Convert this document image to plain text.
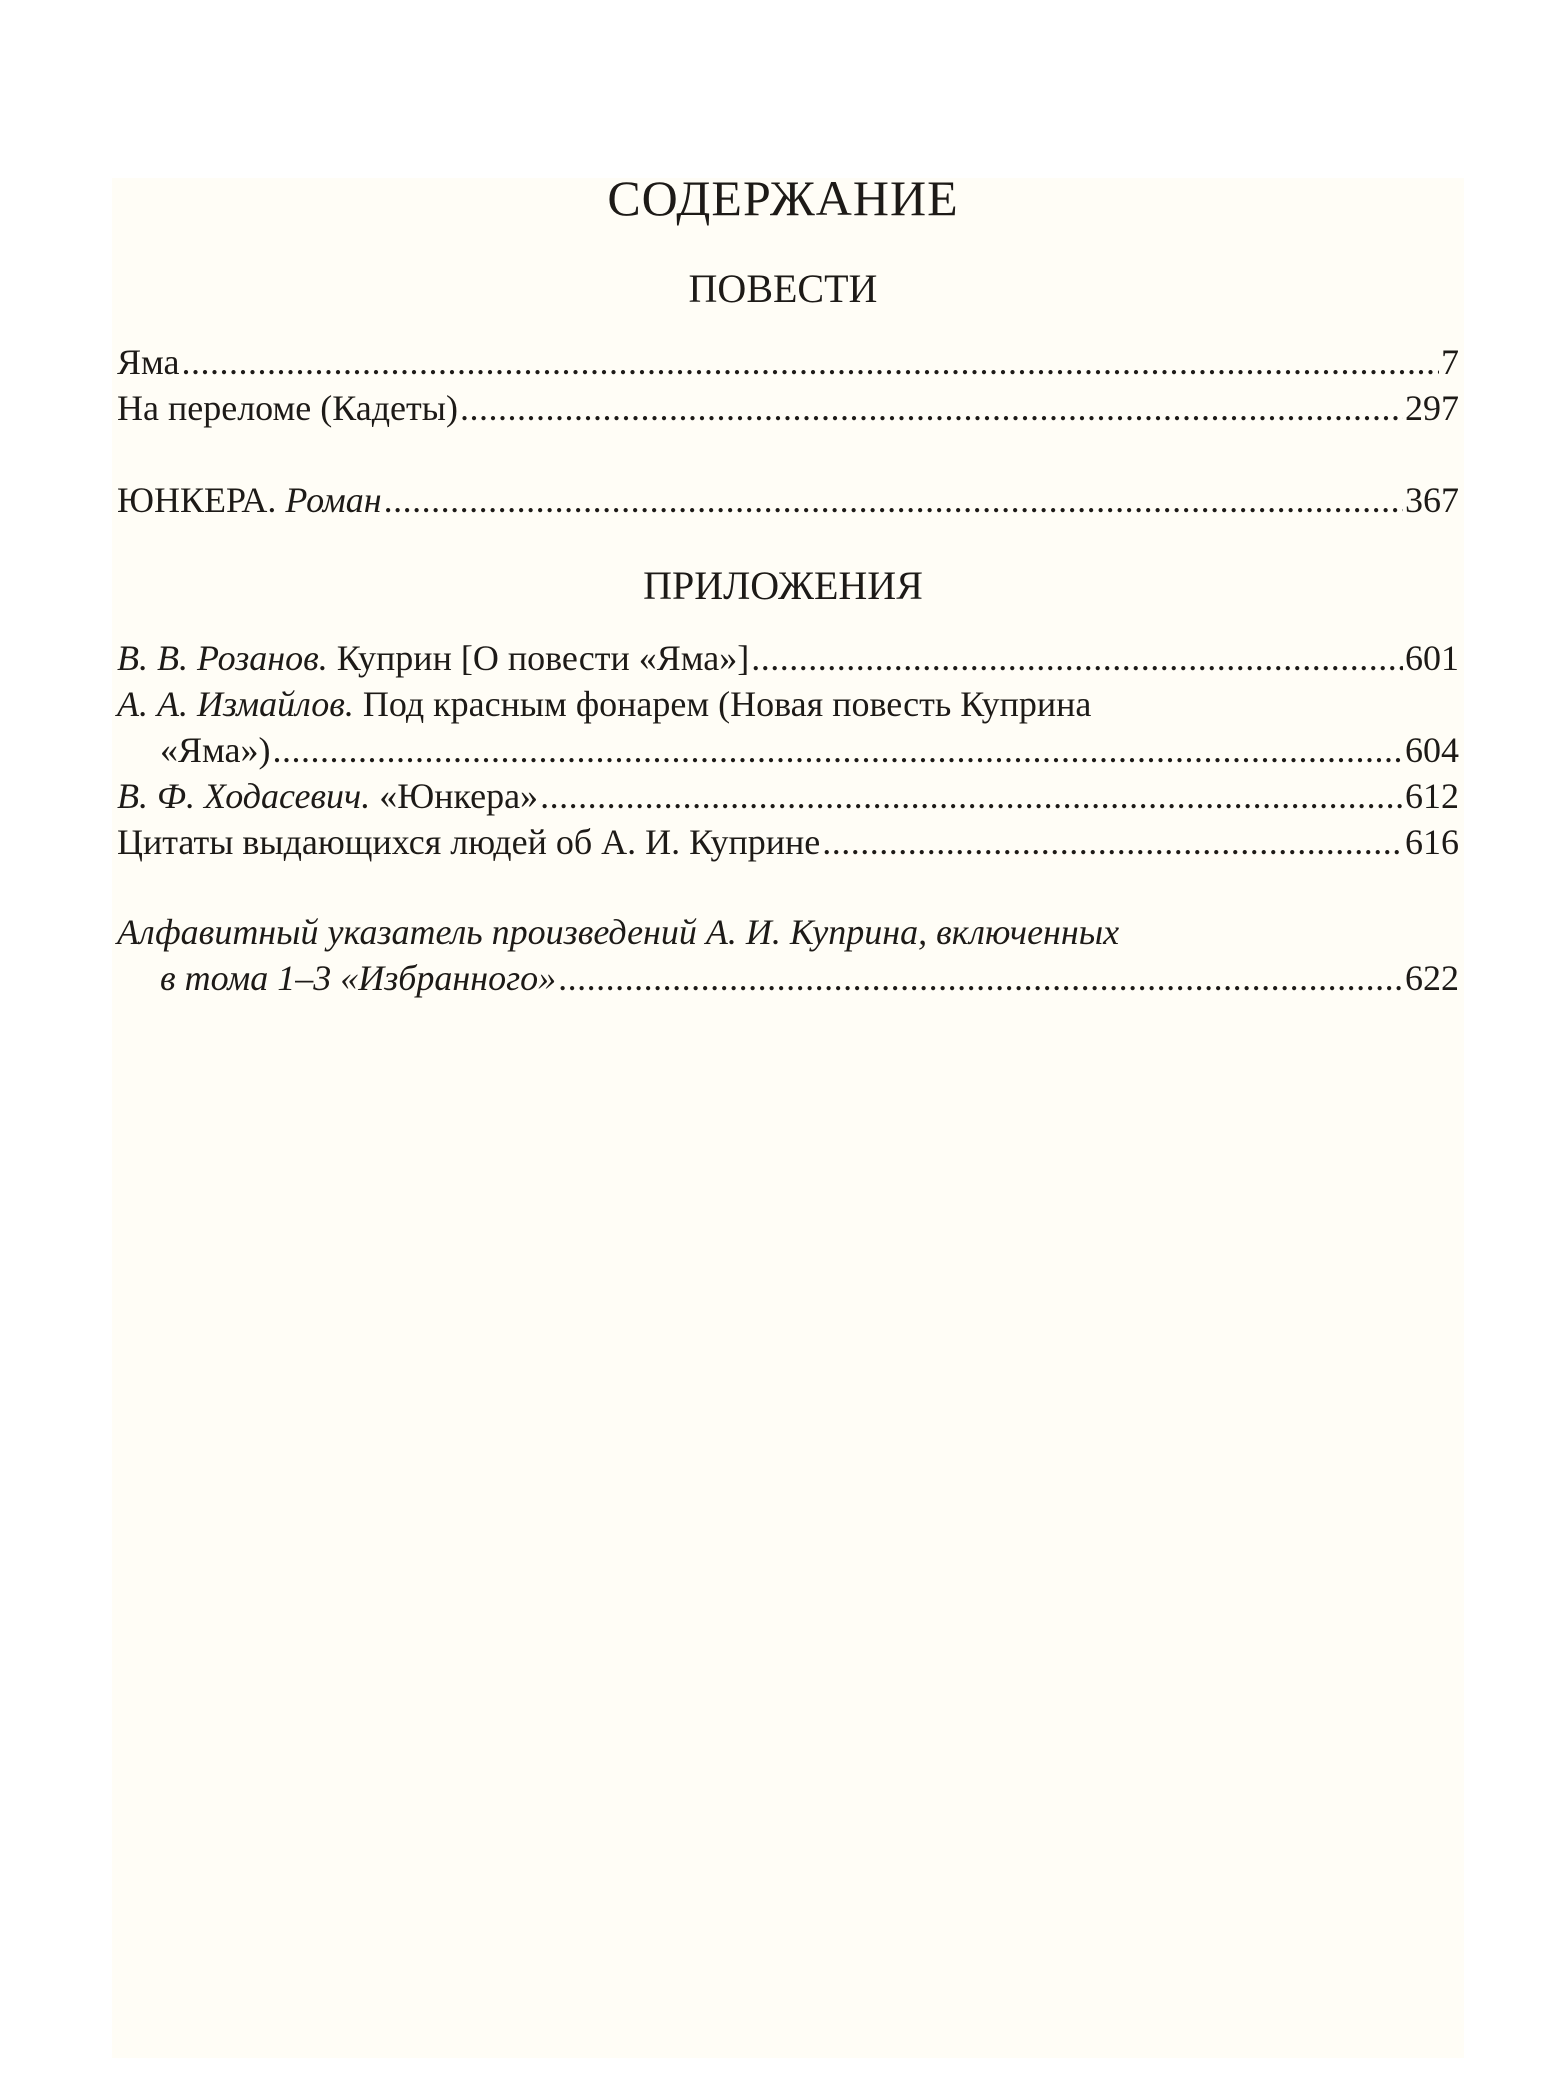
СОДЕРЖАНИЕ
ПОВЕСТИ
Яма .....	7
На переломе (Кадеты) .....	297
ЮНКЕРА. Роман .....	367
ПРИЛОЖЕНИЯ
В. В. Розанов. Куприн [О повести «Яма»] .....	601
А. А. Измайлов. Под красным фонарем (Новая повесть Куприна
«Яма») .....	604
В. Ф. Ходасевич. «Юнкера» .....	612
Цитаты выдающихся людей об А. И. Куприне .....	616
Алфавитный указатель произведений А. И. Куприна, включенных
в тома 1–3 «Избранного» .....	622
